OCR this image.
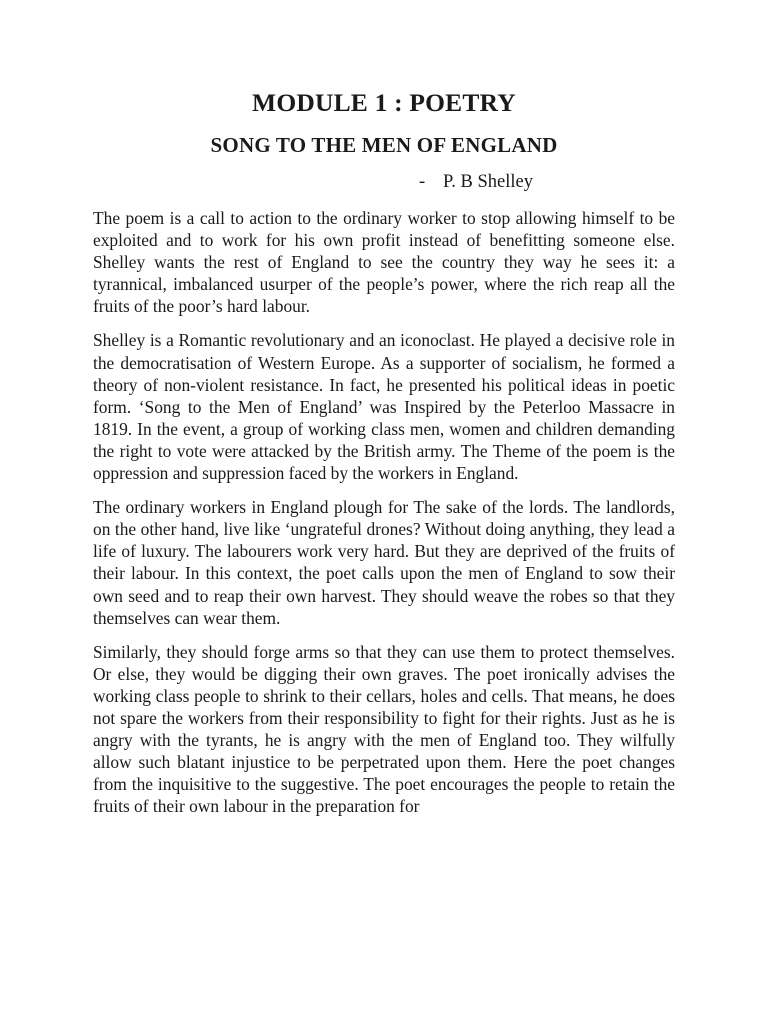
MODULE 1 : POETRY
SONG TO THE MEN OF ENGLAND
- P. B Shelley

The poem is a call to action to the ordinary worker to stop allowing himself to be exploited and to work for his own profit instead of benefitting someone else. Shelley wants the rest of England to see the country they way he sees it: a tyrannical, imbalanced usurper of the people’s power, where the rich reap all the fruits of the poor’s hard labour.

Shelley is a Romantic revolutionary and an iconoclast. He played a decisive role in the democratisation of Western Europe. As a supporter of socialism, he formed a theory of non-violent resistance. In fact, he presented his political ideas in poetic form. ‘Song to the Men of England’ was Inspired by the Peterloo Massacre in 1819. In the event, a group of working class men, women and children demanding the right to vote were attacked by the British army. The Theme of the poem is the oppression and suppression faced by the workers in England.

The ordinary workers in England plough for The sake of the lords. The landlords, on the other hand, live like ‘ungrateful drones? Without doing anything, they lead a life of luxury. The labourers work very hard. But they are deprived of the fruits of their labour. In this context, the poet calls upon the men of England to sow their own seed and to reap their own harvest. They should weave the robes so that they themselves can wear them.

Similarly, they should forge arms so that they can use them to protect themselves. Or else, they would be digging their own graves. The poet ironically advises the working class people to shrink to their cellars, holes and cells. That means, he does not spare the workers from their responsibility to fight for their rights. Just as he is angry with the tyrants, he is angry with the men of England too. They wilfully allow such blatant injustice to be perpetrated upon them. Here the poet changes from the inquisitive to the suggestive. The poet encourages the people to retain the fruits of their own labour in the preparation for
